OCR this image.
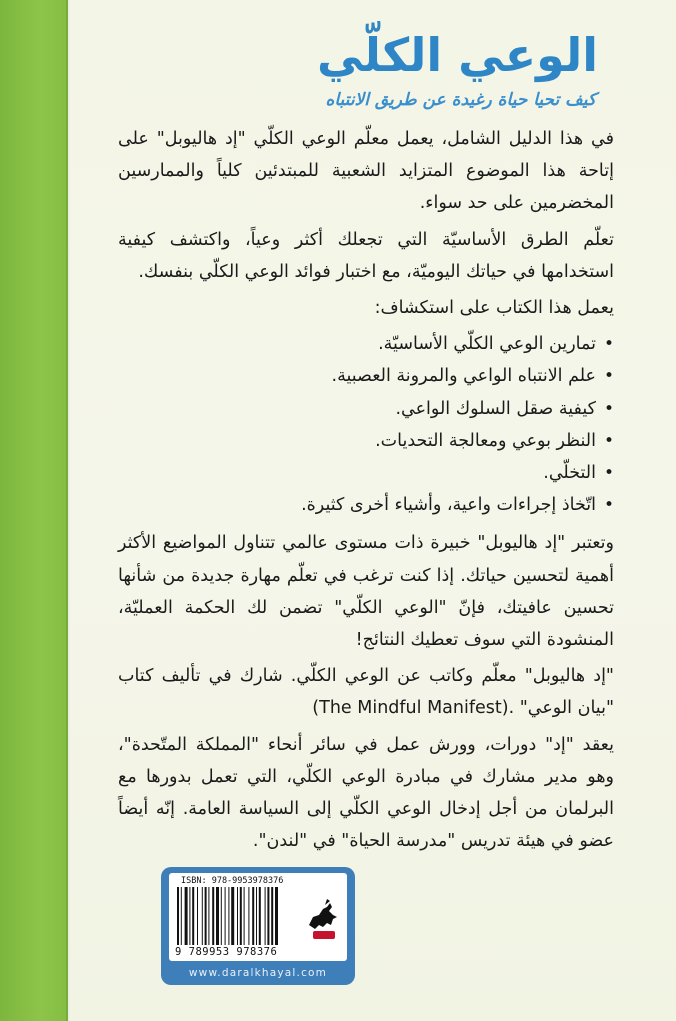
الوعي الكلّي
كيف تحيا حياة رغيدة عن طريق الانتباه

في هذا الدليل الشامل، يعمل معلّم الوعي الكلّي "إد هاليوبل" على إتاحة هذا الموضوع المتزايد الشعبية للمبتدئين كلياً والممارسين المخضرمين على حد سواء.

تعلّم الطرق الأساسيّة التي تجعلك أكثر وعياً، واكتشف كيفية استخدامها في حياتك اليوميّة، مع اختبار فوائد الوعي الكلّي بنفسك.

يعمل هذا الكتاب على استكشاف:

• تمارين الوعي الكلّي الأساسيّة.
• علم الانتباه الواعي والمرونة العصبية.
• كيفية صقل السلوك الواعي.
• النظر بوعي ومعالجة التحديات.
• التخلّي.
• اتّخاذ إجراءات واعية، وأشياء أخرى كثيرة.

وتعتبر "إد هاليوبل" خبيرة ذات مستوى عالمي تتناول المواضيع الأكثر أهمية لتحسين حياتك. إذا كنت ترغب في تعلّم مهارة جديدة من شأنها تحسين عافيتك، فإنّ "الوعي الكلّي" تضمن لك الحكمة العمليّة، المنشودة التي سوف تعطيك النتائج!

"إد هاليوبل" معلّم وكاتب عن الوعي الكلّي. شارك في تأليف كتاب "بيان الوعي" (The Mindful Manifest).

يعقد "إد" دورات، وورش عمل في سائر أنحاء "المملكة المتّحدة"، وهو مدير مشارك في مبادرة الوعي الكلّي، التي تعمل بدورها مع البرلمان من أجل إدخال الوعي الكلّي إلى السياسة العامة. إنّه أيضاً عضو في هيئة تدريس "مدرسة الحياة" في "لندن".

ISBN: 978-9953978376
9 789953 978376
www.daralkhayal.com
